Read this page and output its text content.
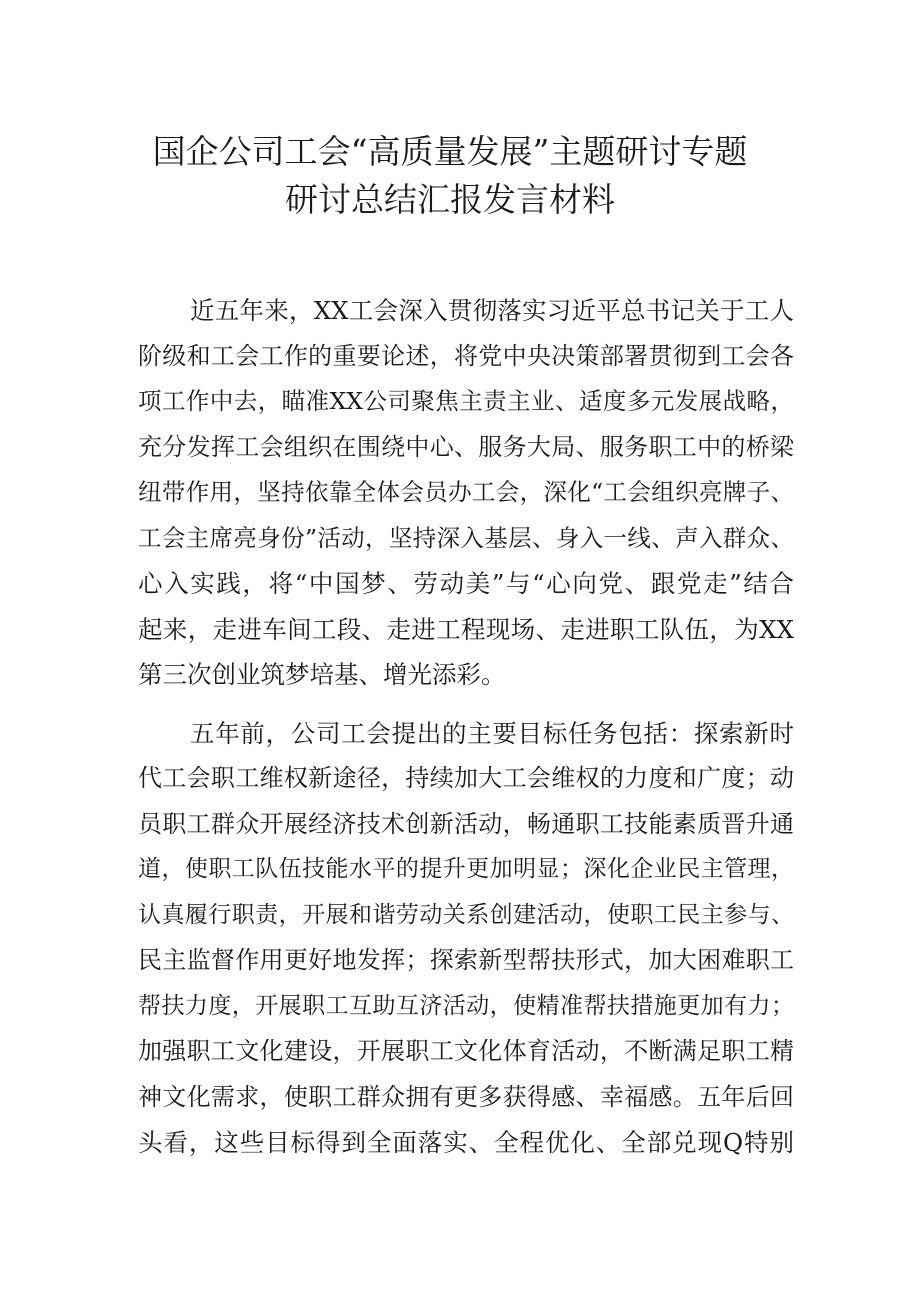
国企公司工会“高质量发展”主题研讨专题
研讨总结汇报发言材料

近五年来，XX工会深入贯彻落实习近平总书记关于工人
阶级和工会工作的重要论述，将党中央决策部署贯彻到工会各
项工作中去，瞄准XX公司聚焦主责主业、适度多元发展战略，
充分发挥工会组织在围绕中心、服务大局、服务职工中的桥梁
纽带作用，坚持依靠全体会员办工会，深化“工会组织亮牌子、
工会主席亮身份”活动，坚持深入基层、身入一线、声入群众、
心入实践，将“中国梦、劳动美”与“心向党、跟党走”结合
起来，走进车间工段、走进工程现场、走进职工队伍，为XX
第三次创业筑梦培基、增光添彩。

五年前，公司工会提出的主要目标任务包括：探索新时
代工会职工维权新途径，持续加大工会维权的力度和广度；动
员职工群众开展经济技术创新活动，畅通职工技能素质晋升通
道，使职工队伍技能水平的提升更加明显；深化企业民主管理，
认真履行职责，开展和谐劳动关系创建活动，使职工民主参与、
民主监督作用更好地发挥；探索新型帮扶形式，加大困难职工
帮扶力度，开展职工互助互济活动，使精准帮扶措施更加有力；
加强职工文化建设，开展职工文化体育活动，不断满足职工精
神文化需求，使职工群众拥有更多获得感、幸福感。五年后回
头看，这些目标得到全面落实、全程优化、全部兑现Q特别
